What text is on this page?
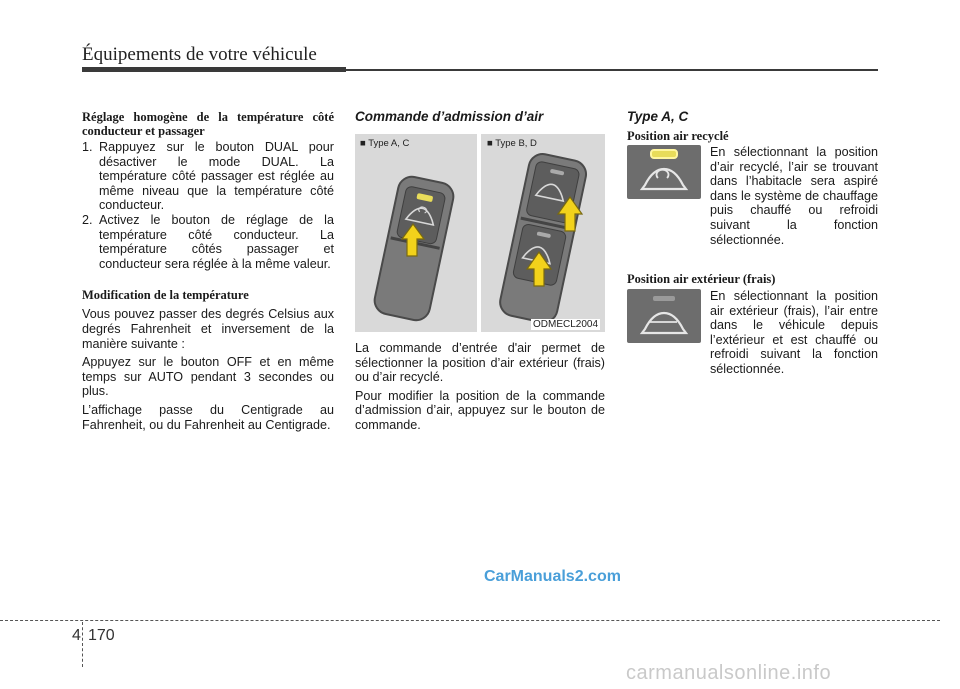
Équipements de votre véhicule

Réglage homogène de la température côté conducteur et passager

1. Rappuyez sur le bouton DUAL pour désactiver le mode DUAL. La température côté passager est réglée au même niveau que la température côté conducteur.
2. Activez le bouton de réglage de la température côté conducteur. La température côtés passager et conducteur sera réglée à la même valeur.

Modification de la température

Vous pouvez passer des degrés Celsius aux degrés Fahrenheit et inversement de la manière suivante :

Appuyez sur le bouton OFF et en même temps sur AUTO pendant 3 secondes ou plus.

L’affichage passe du Centigrade au Fahrenheit, ou du Fahrenheit au Centigrade.

Commande d’admission d’air

■ Type A, C	■ Type B, D
ODMECL2004

La commande d’entrée d'air permet de sélectionner la position d’air extérieur (frais) ou d’air recyclé.

Pour modifier la position de la commande d’admission d’air, appuyez sur le bouton de commande.

Type A, C

Position air recyclé

En sélectionnant la position d’air recyclé, l’air se trouvant dans l’habitacle sera aspiré dans le système de chauffage puis chauffé ou refroidi suivant la fonction sélectionnée.

Position air extérieur (frais)

En sélectionnant la position air extérieur (frais), l’air entre dans le véhicule depuis l’extérieur et est chauffé ou refroidi suivant la fonction sélectionnée.

CarManuals2.com
carmanualsonline.info
4 170
